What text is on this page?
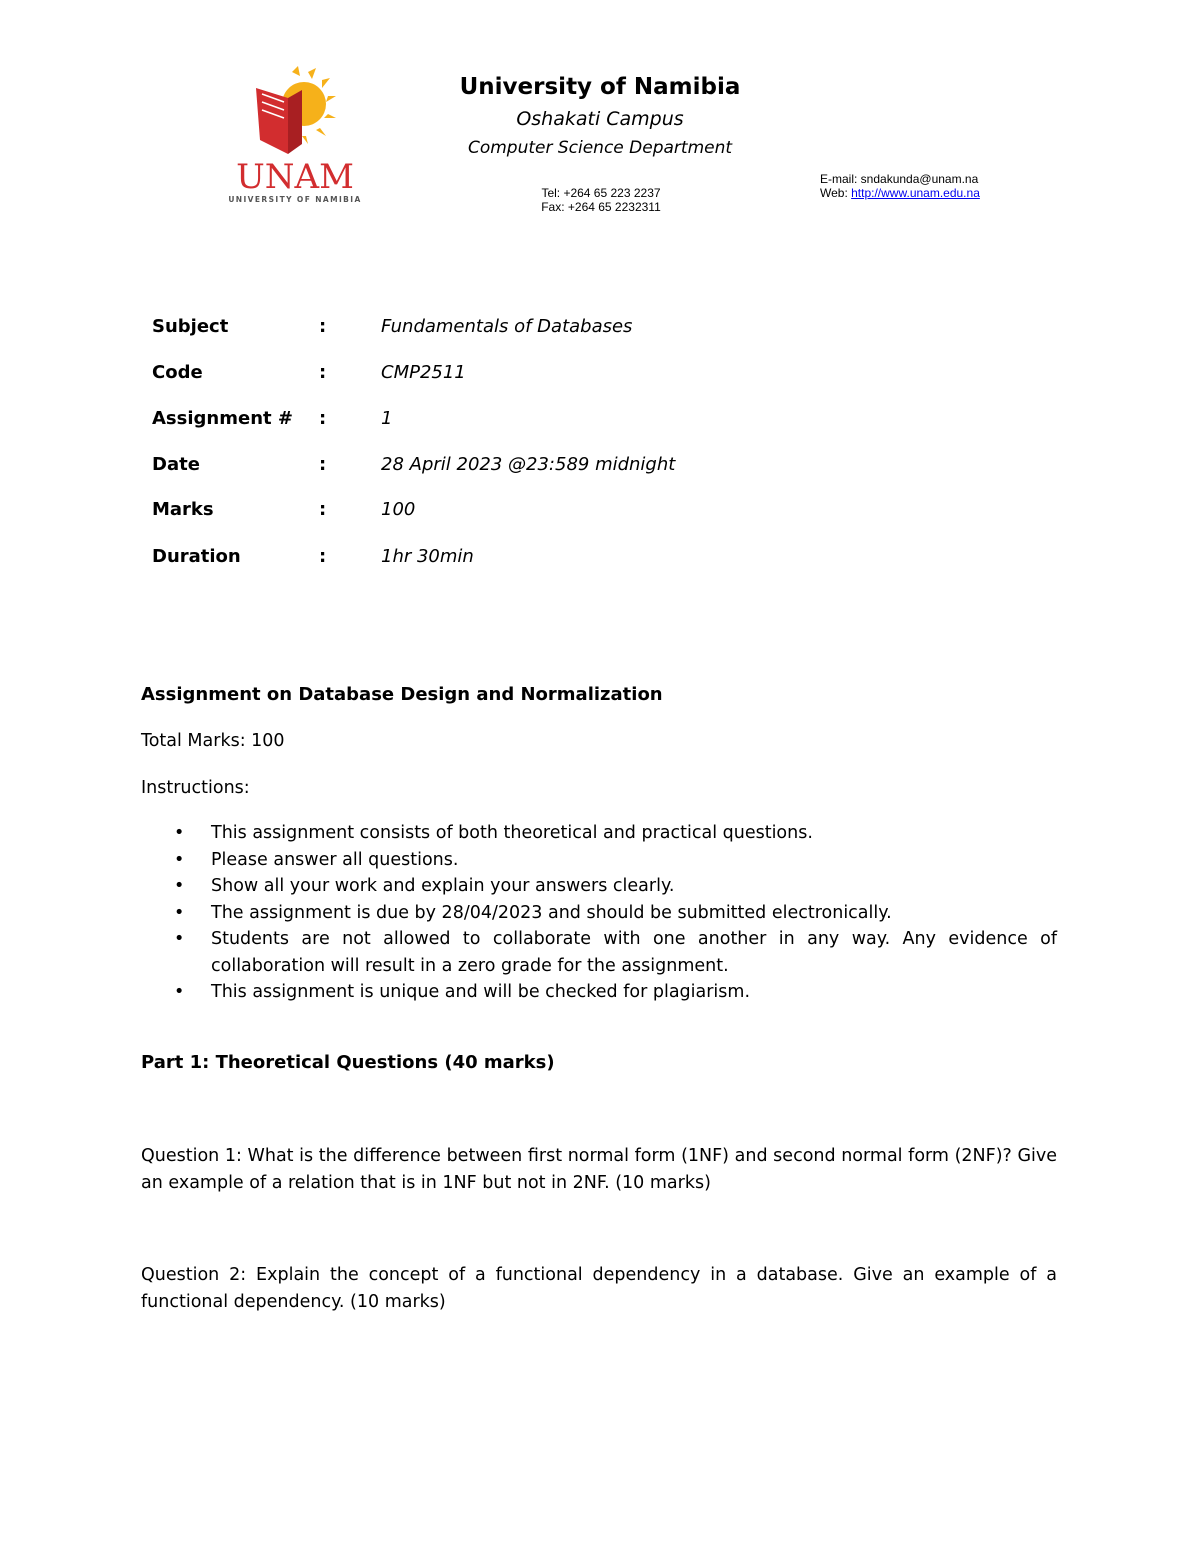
UNAM
UNIVERSITY OF NAMIBIA
University of Namibia
Oshakati Campus
Computer Science Department
Tel: +264 65 223 2237
Fax: +264 65 2232311
E-mail: sndakunda@unam.na
Web: http://www.unam.edu.na
Subject	:	Fundamentals of Databases
Code	:	CMP2511
Assignment # :	1
Date	:	28 April 2023 @23:589 midnight
Marks	:	100
Duration	:	1hr 30min
Assignment on Database Design and Normalization
Total Marks: 100
Instructions:
• This assignment consists of both theoretical and practical questions.
• Please answer all questions.
• Show all your work and explain your answers clearly.
• The assignment is due by 28/04/2023 and should be submitted electronically.
• Students are not allowed to collaborate with one another in any way. Any evidence of collaboration will result in a zero grade for the assignment.
• This assignment is unique and will be checked for plagiarism.
Part 1: Theoretical Questions (40 marks)
Question 1: What is the difference between first normal form (1NF) and second normal form (2NF)? Give an example of a relation that is in 1NF but not in 2NF. (10 marks)
Question 2: Explain the concept of a functional dependency in a database. Give an example of a functional dependency. (10 marks)
